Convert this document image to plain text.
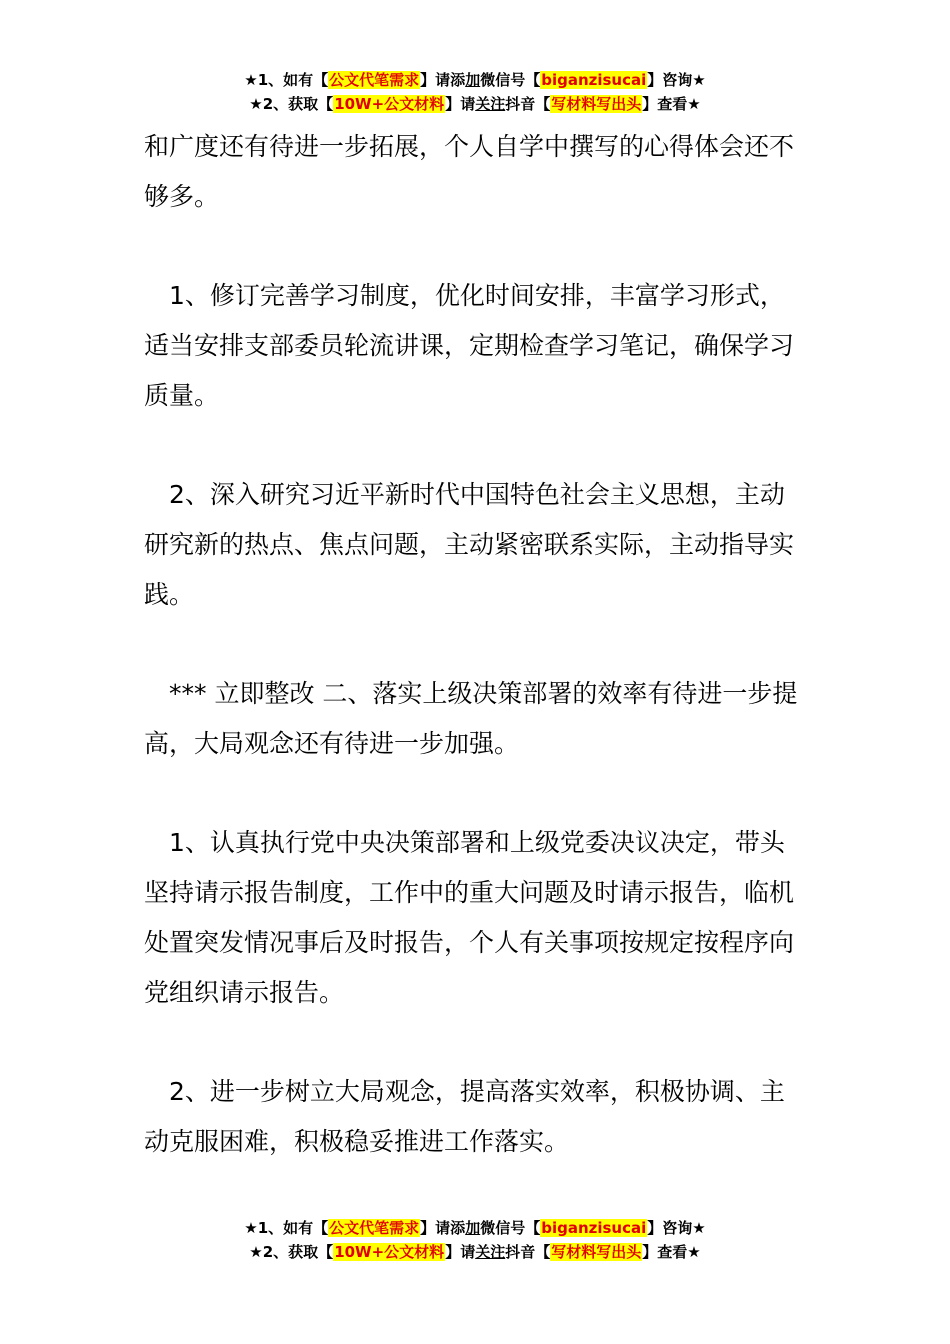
★1、如有【公文代笔需求】请添加微信号【biganzisucai】咨询★
★2、获取【10W+公文材料】请关注抖音【写材料写出头】查看★

和广度还有待进一步拓展，个人自学中撰写的心得体会还不够多。

1、修订完善学习制度，优化时间安排，丰富学习形式，适当安排支部委员轮流讲课，定期检查学习笔记，确保学习质量。

2、深入研究习近平新时代中国特色社会主义思想，主动研究新的热点、焦点问题，主动紧密联系实际，主动指导实践。

*** 立即整改 二、落实上级决策部署的效率有待进一步提高，大局观念还有待进一步加强。

1、认真执行党中央决策部署和上级党委决议决定，带头坚持请示报告制度，工作中的重大问题及时请示报告，临机处置突发情况事后及时报告，个人有关事项按规定按程序向党组织请示报告。

2、进一步树立大局观念，提高落实效率，积极协调、主动克服困难，积极稳妥推进工作落实。

★1、如有【公文代笔需求】请添加微信号【biganzisucai】咨询★
★2、获取【10W+公文材料】请关注抖音【写材料写出头】查看★
